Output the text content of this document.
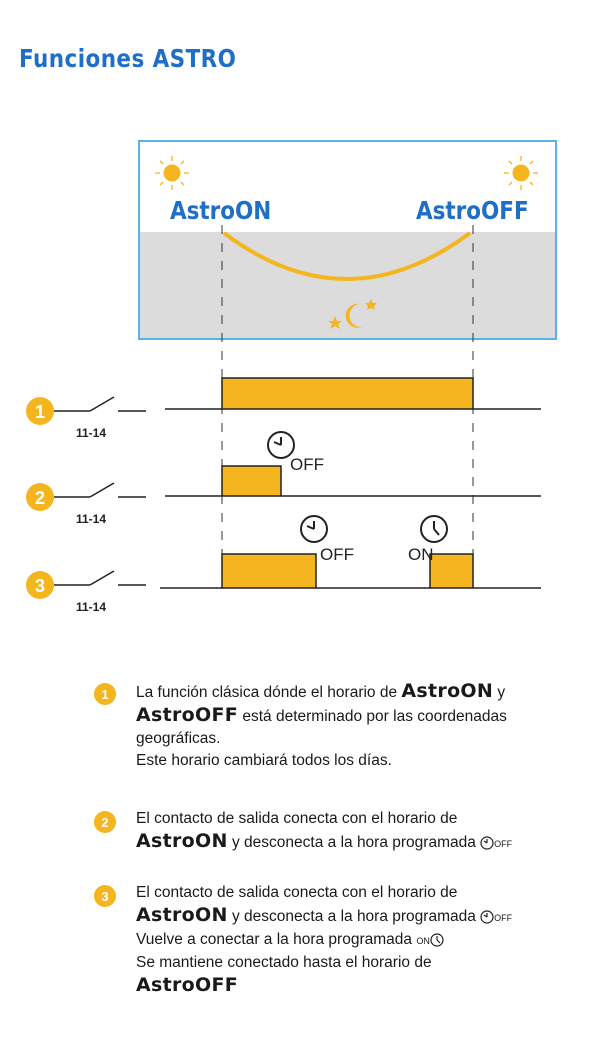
Funciones ASTRO
AstroON	AstroOFF
1
11-14
2
11-14
OFF
3
11-14
OFF	ON
1 La función clásica dónde el horario de AstroON y
AstroOFF está determinado por las coordenadas geográficas.
Este horario cambiará todos los días.
2 El contacto de salida conecta con el horario de
AstroON y desconecta a la hora programada OFF
3 El contacto de salida conecta con el horario de
AstroON y desconecta a la hora programada OFF
Vuelve a conectar a la hora programada ON
Se mantiene conectado hasta el horario de
AstroOFF
